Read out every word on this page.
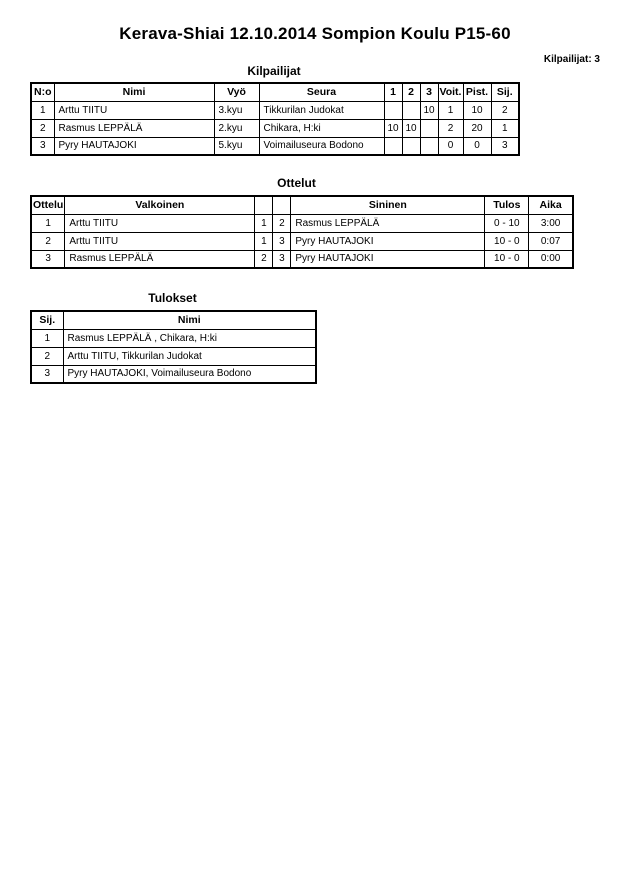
Kerava-Shiai 12.10.2014 Sompion Koulu P15-60
Kilpailijat: 3
Kilpailijat
N:o	Nimi	Vyö	Seura	1	2	3	Voit.	Pist.	Sij.
1	Arttu TIITU	3.kyu	Tikkurilan Judokat			10	1	10	2
2	Rasmus LEPPÄLÄ	2.kyu	Chikara, H:ki	10	10		2	20	1
3	Pyry HAUTAJOKI	5.kyu	Voimailuseura Bodono				0	0	3
Ottelut
Ottelu	Valkoinen			Sininen	Tulos	Aika
1	Arttu TIITU	1	2	Rasmus LEPPÄLÄ	0 - 10	3:00
2	Arttu TIITU	1	3	Pyry HAUTAJOKI	10 - 0	0:07
3	Rasmus LEPPÄLÄ	2	3	Pyry HAUTAJOKI	10 - 0	0:00
Tulokset
Sij.	Nimi
1	Rasmus LEPPÄLÄ , Chikara, H:ki
2	Arttu TIITU, Tikkurilan Judokat
3	Pyry HAUTAJOKI, Voimailuseura Bodono
